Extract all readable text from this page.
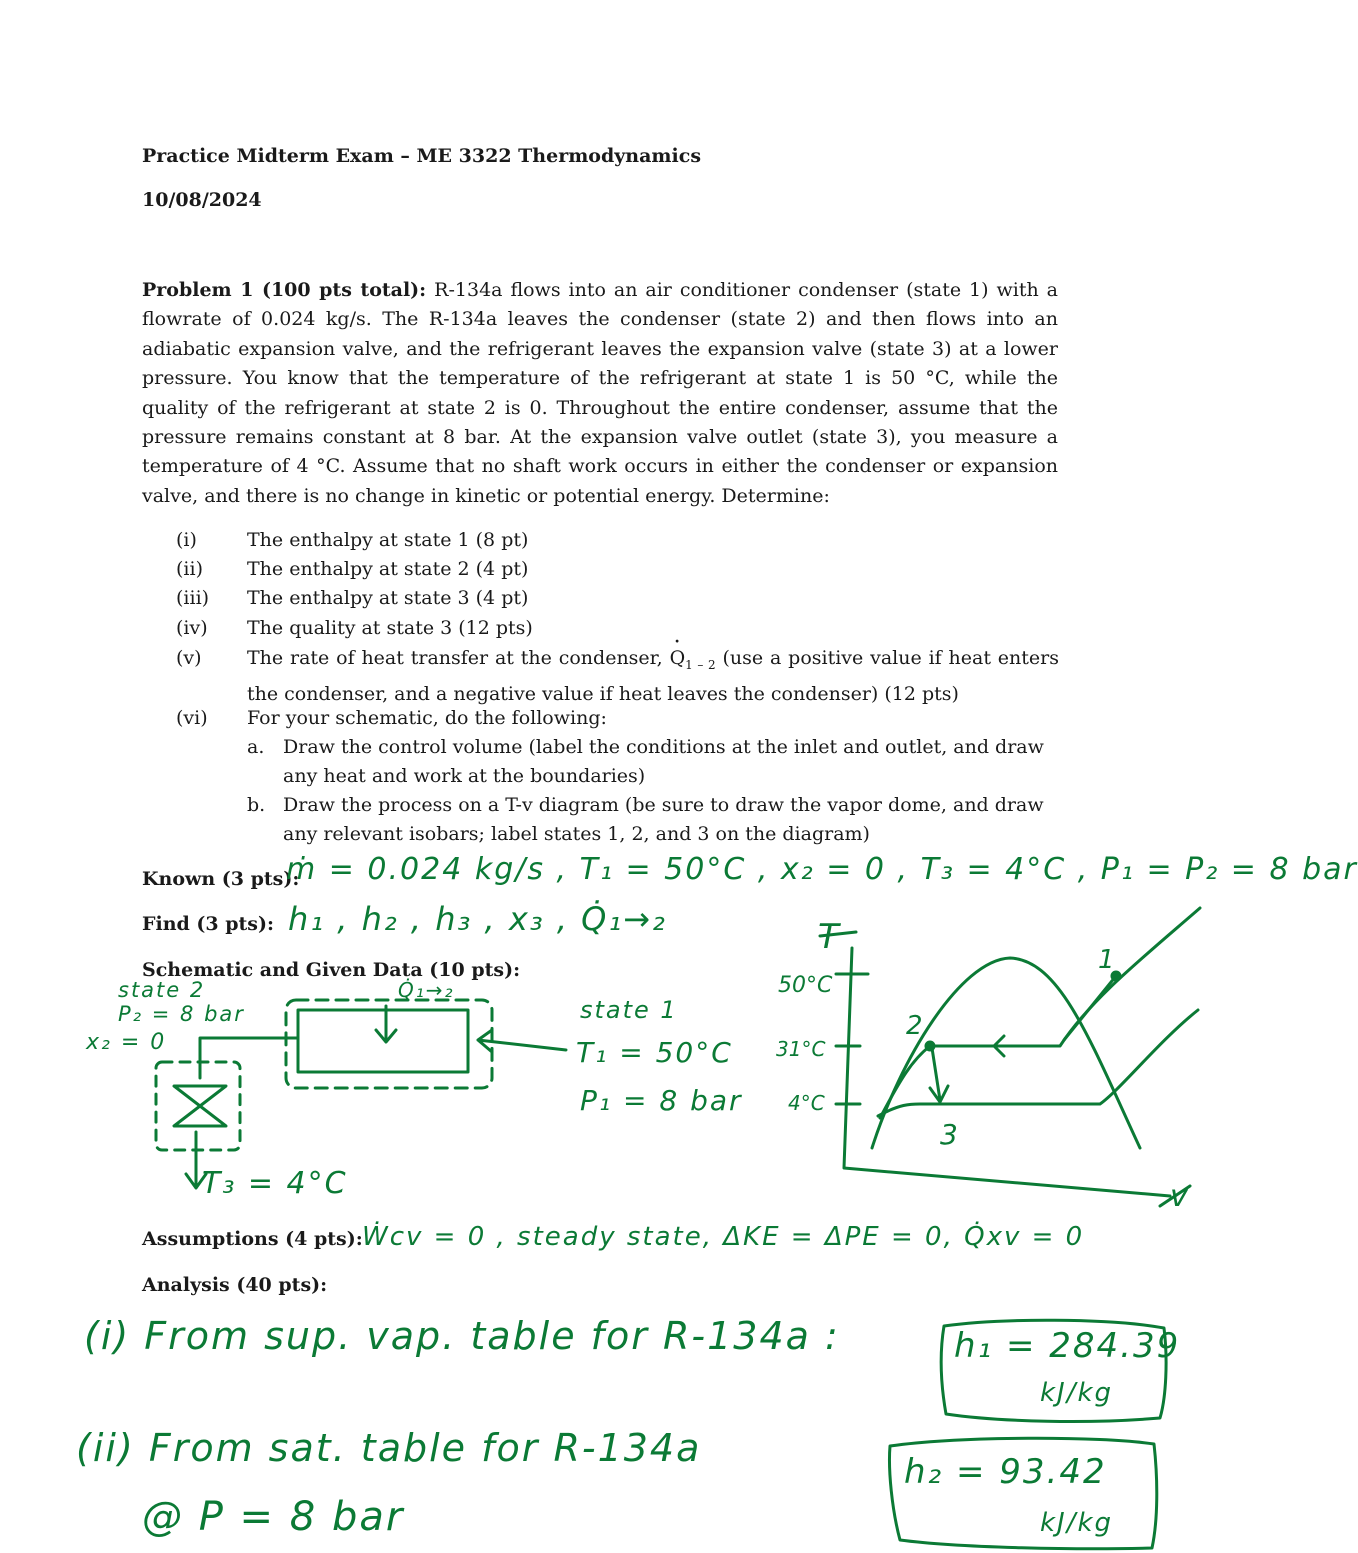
Practice Midterm Exam – ME 3322 Thermodynamics
10/08/2024
Problem 1 (100 pts total): R-134a flows into an air conditioner condenser (state 1) with a flowrate of 0.024 kg/s. The R-134a leaves the condenser (state 2) and then flows into an adiabatic expansion valve, and the refrigerant leaves the expansion valve (state 3) at a lower pressure. You know that the temperature of the refrigerant at state 1 is 50 °C, while the quality of the refrigerant at state 2 is 0. Throughout the entire condenser, assume that the pressure remains constant at 8 bar. At the expansion valve outlet (state 3), you measure a temperature of 4 °C. Assume that no shaft work occurs in either the condenser or expansion valve, and there is no change in kinetic or potential energy. Determine:
(i)	The enthalpy at state 1 (8 pt)
(ii) The enthalpy at state 2 (4 pt)
(iii) The enthalpy at state 3 (4 pt)
(iv) The quality at state 3 (12 pts)
(v) The rate of heat transfer at the condenser, · $Q_{1 - 2}$ (use a positive value if heat enters the condenser, and a negative value if heat leaves the condenser) (12 pts)
(vi) For your schematic, do the following:
a. Draw the control volume (label the conditions at the inlet and outlet, and draw
any heat and work at the boundaries)
b. Draw the process on a T-v diagram (be sure to draw the vapor dome, and draw
any relevant isobars; label states 1, 2, and 3 on the diagram)
Known (3 pts):
Find (3 pts):
Schematic and Given Data (10 pts):
Assumptions (4 pts):
Analysis (40 pts):
ṁ = 0.024 kg/s , T₁ = 50°C , x₂ = 0 , T₃ = 4°C , P₁ = P₂ = 8 bar
h₁ , h₂ , h₃ , x₃ , Q̇₁→₂
state 2
P₂ = 8 bar
x₂ = 0
Q̇₁→₂
state 1
T₁ = 50°C
P₁ = 8 bar
T₃ = 4°C
Ẇcv = 0 , steady state, ΔKE = ΔPE = 0, Q̇xv = 0
(i) From sup. vap. table for R-134a :	h₁ = 284.39
kJ/kg
(ii) From sat. table for R-134a
@ P = 8 bar
h₂ = 93.42
kJ/kg
T
50°C
31°C
4°C
1
2
3
v
